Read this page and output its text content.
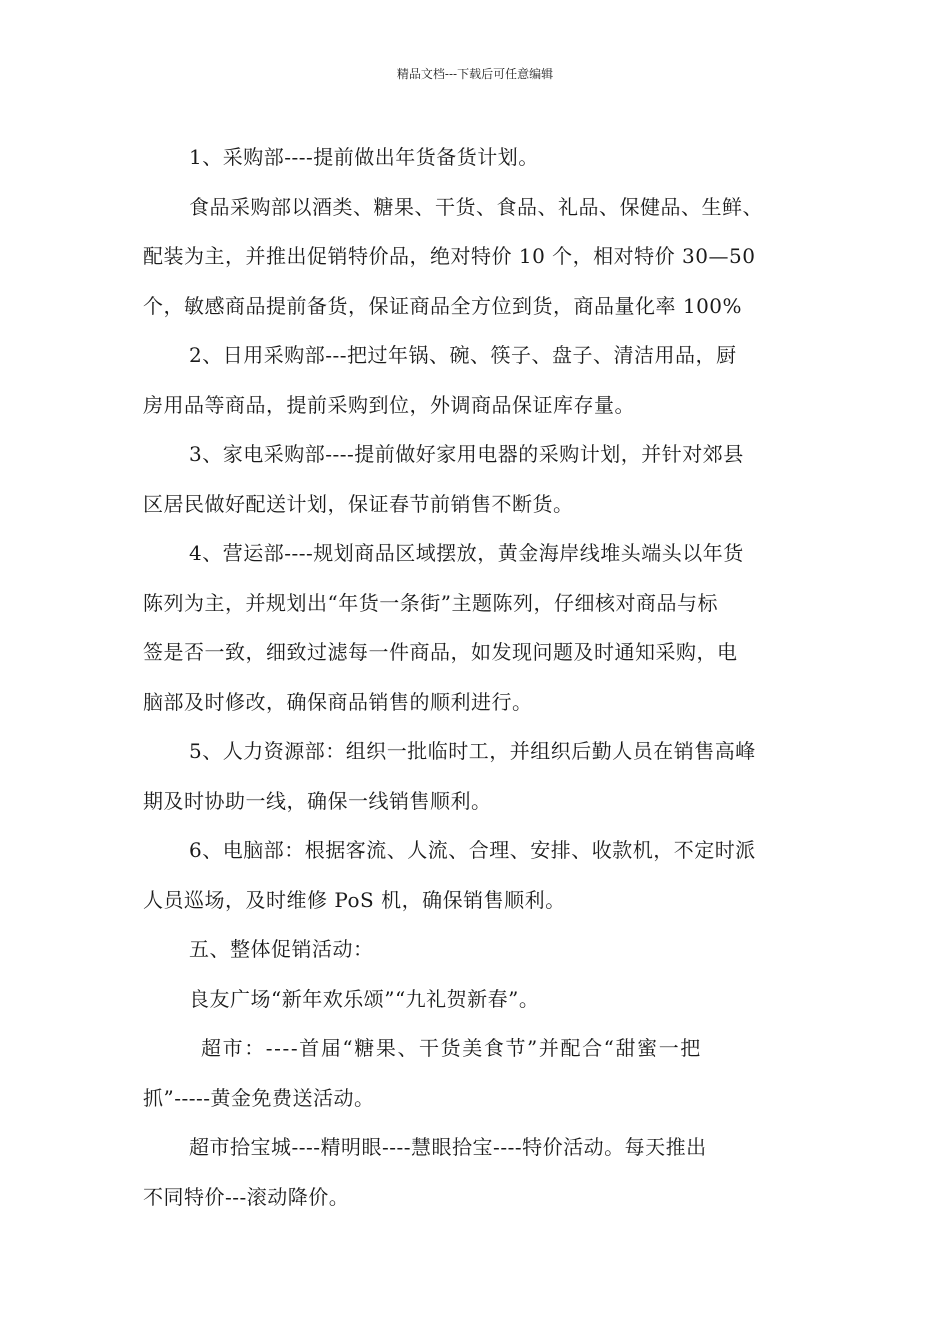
精品文档---下载后可任意编辑
1、采购部----提前做出年货备货计划。
食品采购部以酒类、糖果、干货、食品、礼品、保健品、生鲜、
配装为主，并推出促销特价品，绝对特价 10 个，相对特价 30—50
个，敏感商品提前备货，保证商品全方位到货，商品量化率 100%
2、日用采购部---把过年锅、碗、筷子、盘子、清洁用品，厨
房用品等商品，提前采购到位，外调商品保证库存量。
3、家电采购部----提前做好家用电器的采购计划，并针对郊县
区居民做好配送计划，保证春节前销售不断货。
4、营运部----规划商品区域摆放，黄金海岸线堆头端头以年货
陈列为主，并规划出“年货一条街”主题陈列，仔细核对商品与标
签是否一致，细致过滤每一件商品，如发现问题及时通知采购，电
脑部及时修改，确保商品销售的顺利进行。
5、人力资源部：组织一批临时工，并组织后勤人员在销售高峰
期及时协助一线，确保一线销售顺利。
6、电脑部：根据客流、人流、合理、安排、收款机，不定时派
人员巡场，及时维修 PoS 机，确保销售顺利。
五、整体促销活动：
良友广场“新年欢乐颂”“九礼贺新春”。
超市：----首届“糖果、干货美食节”并配合“甜蜜一把
抓”-----黄金免费送活动。
超市拾宝城----精明眼----慧眼拾宝----特价活动。每天推出
不同特价---滚动降价。
